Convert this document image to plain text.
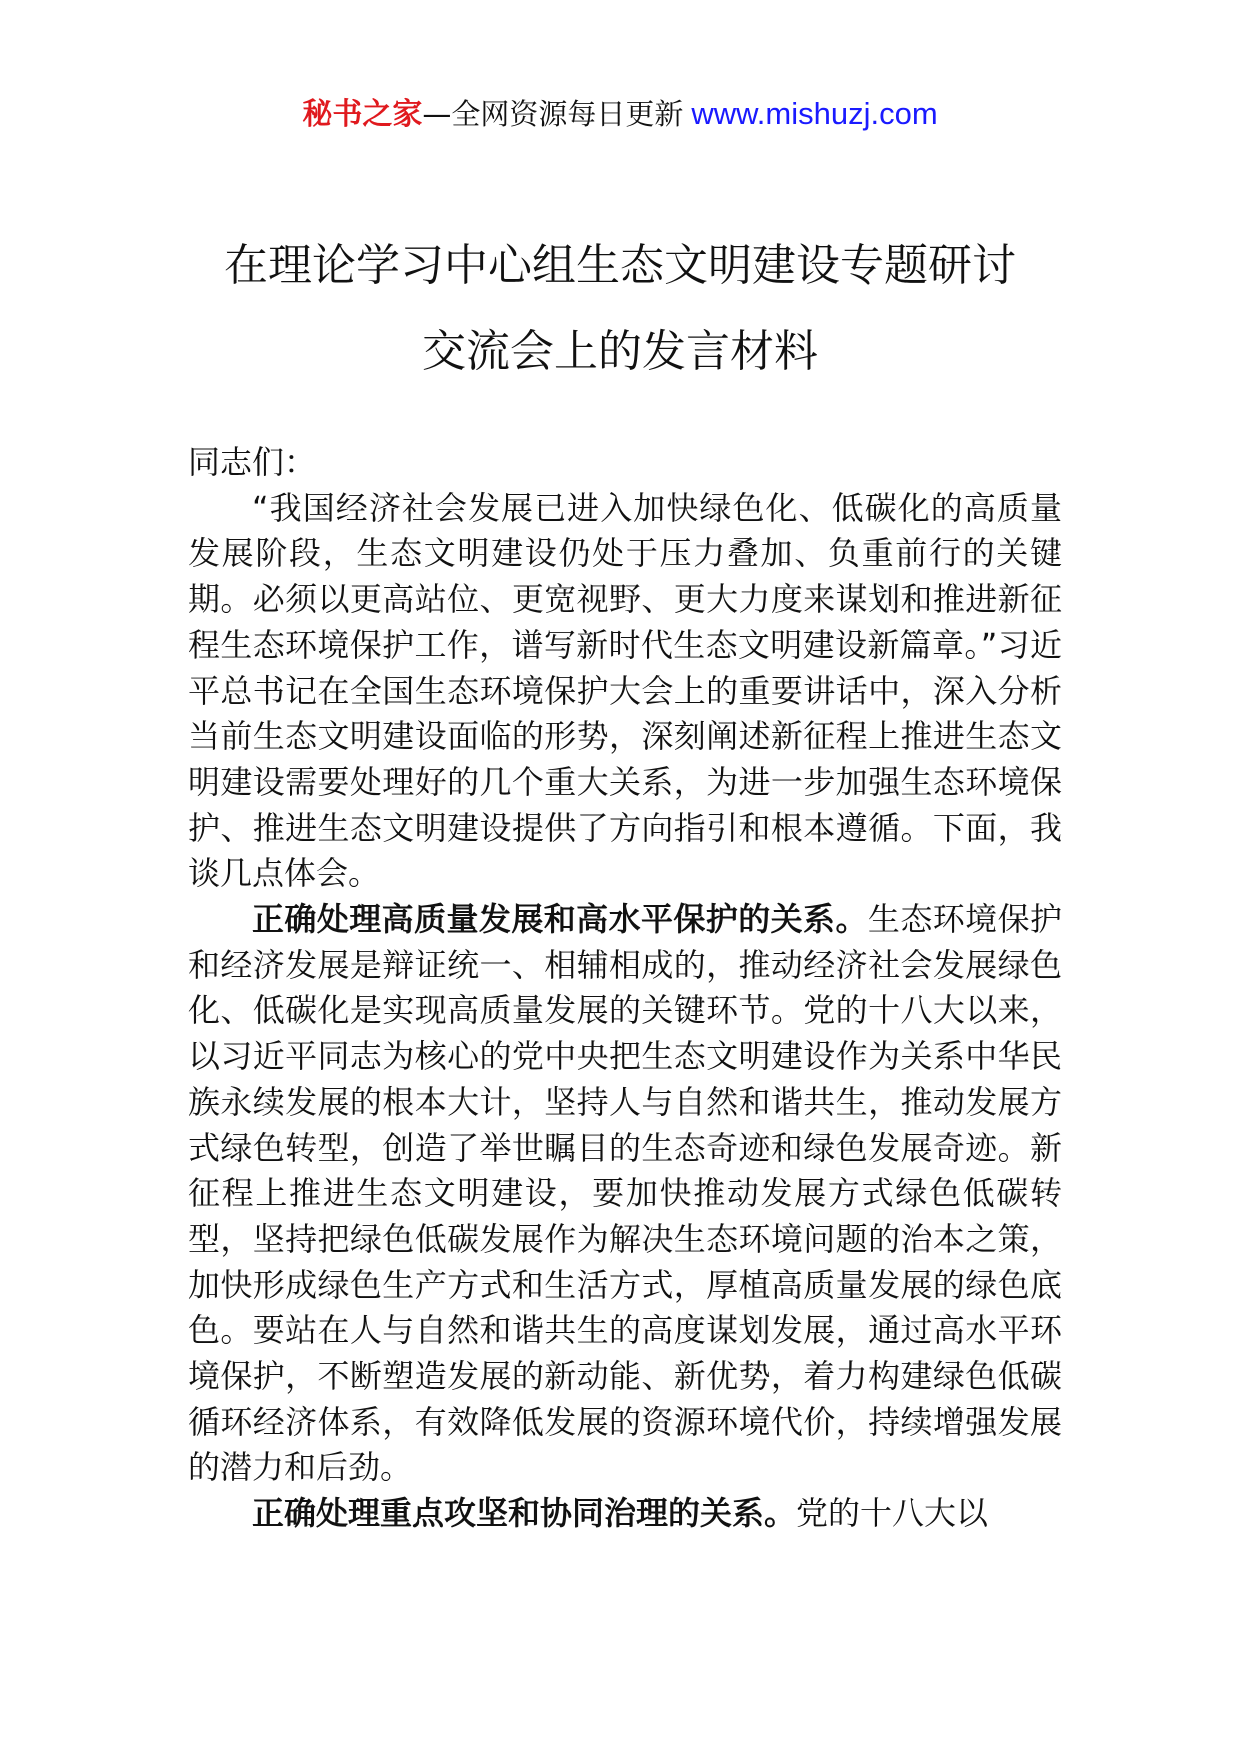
秘书之家—全网资源每日更新 www.mishuzj.com
在理论学习中心组生态文明建设专题研讨
交流会上的发言材料

同志们：

“我国经济社会发展已进入加快绿色化、低碳化的高质量发展阶段，生态文明建设仍处于压力叠加、负重前行的关键期。必须以更高站位、更宽视野、更大力度来谋划和推进新征程生态环境保护工作，谱写新时代生态文明建设新篇章。”习近平总书记在全国生态环境保护大会上的重要讲话中，深入分析当前生态文明建设面临的形势，深刻阐述新征程上推进生态文明建设需要处理好的几个重大关系，为进一步加强生态环境保护、推进生态文明建设提供了方向指引和根本遵循。下面，我谈几点体会。

正确处理高质量发展和高水平保护的关系。生态环境保护和经济发展是辩证统一、相辅相成的，推动经济社会发展绿色化、低碳化是实现高质量发展的关键环节。党的十八大以来，以习近平同志为核心的党中央把生态文明建设作为关系中华民族永续发展的根本大计，坚持人与自然和谐共生，推动发展方式绿色转型，创造了举世瞩目的生态奇迹和绿色发展奇迹。新征程上推进生态文明建设，要加快推动发展方式绿色低碳转型，坚持把绿色低碳发展作为解决生态环境问题的治本之策，加快形成绿色生产方式和生活方式，厚植高质量发展的绿色底色。要站在人与自然和谐共生的高度谋划发展，通过高水平环境保护，不断塑造发展的新动能、新优势，着力构建绿色低碳循环经济体系，有效降低发展的资源环境代价，持续增强发展的潜力和后劲。

正确处理重点攻坚和协同治理的关系。党的十八大以
